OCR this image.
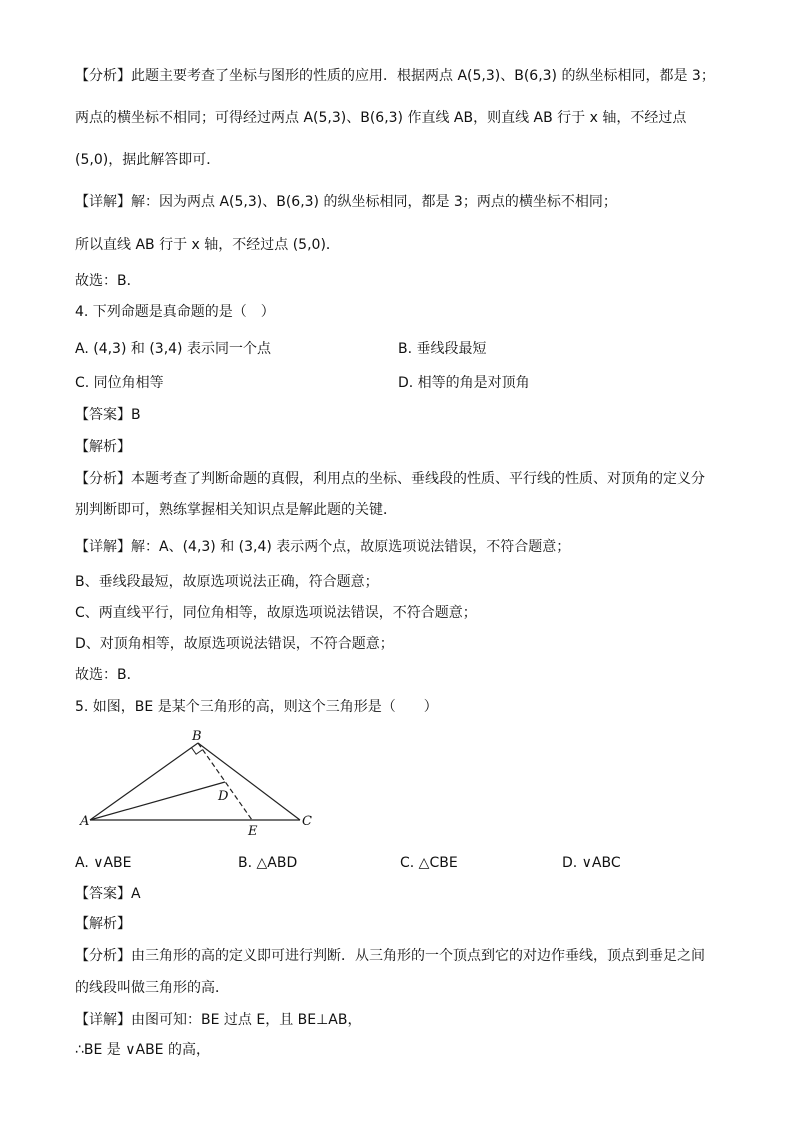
【分析】此题主要考查了坐标与图形的性质的应用．根据两点 A(5,3)、B(6,3) 的纵坐标相同，都是 3；
两点的横坐标不相同；可得经过两点 A(5,3)、B(6,3) 作直线 AB，则直线 AB 行于 x 轴，不经过点
(5,0)，据此解答即可．
【详解】解：因为两点 A(5,3)、B(6,3) 的纵坐标相同，都是 3；两点的横坐标不相同；
所以直线 AB 行于 x 轴，不经过点 (5,0)．
故选：B．
4. 下列命题是真命题的是（　）
A. (4,3) 和 (3,4) 表示同一个点	B. 垂线段最短
C. 同位角相等	D. 相等的角是对顶角
【答案】B
【解析】
【分析】本题考查了判断命题的真假，利用点的坐标、垂线段的性质、平行线的性质、对顶角的定义分
别判断即可，熟练掌握相关知识点是解此题的关键．
【详解】解：A、(4,3) 和 (3,4) 表示两个点，故原选项说法错误，不符合题意；
B、垂线段最短，故原选项说法正确，符合题意；
C、两直线平行，同位角相等，故原选项说法错误，不符合题意；
D、对顶角相等，故原选项说法错误，不符合题意；
故选：B．
5. 如图，BE 是某个三角形的高，则这个三角形是（　　）
A
B
C
D
E
A. ∨ABE	B. △ABD	C. △CBE	D. ∨ABC
【答案】A
【解析】
【分析】由三角形的高的定义即可进行判断．从三角形的一个顶点到它的对边作垂线，顶点到垂足之间
的线段叫做三角形的高．
【详解】由图可知：BE 过点 E，且 BE⊥AB，
∴BE 是 ∨ABE 的高，
